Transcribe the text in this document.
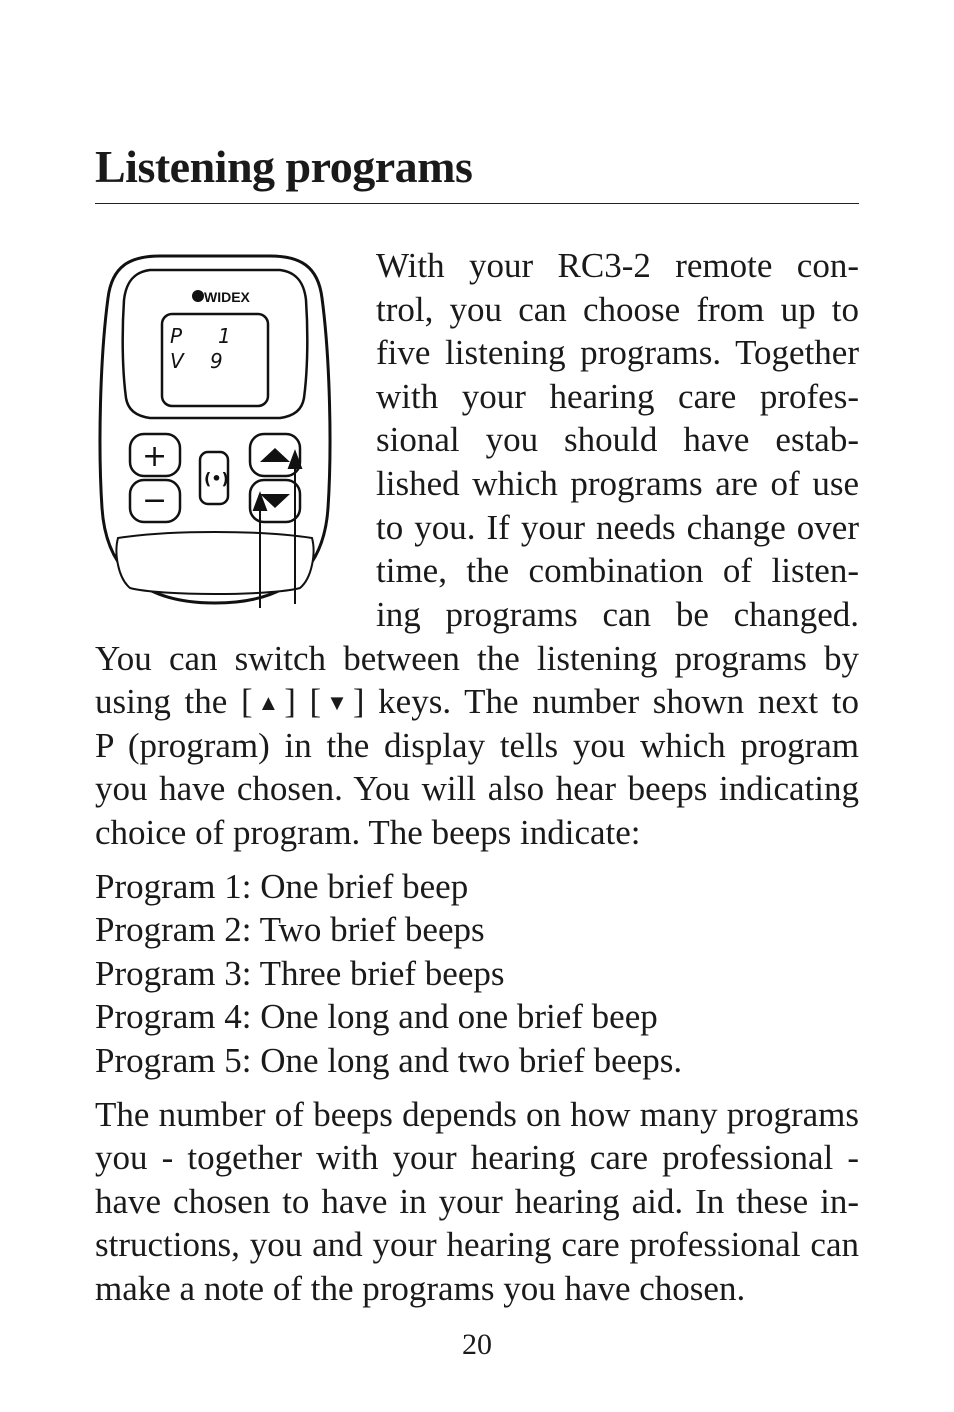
Listening programs
WIDEX
P 1
V 9
+
−
(•)
With your RC3-2 remote con-
trol, you can choose from up to
five listening programs. Together
with your hearing care profes-
sional you should have estab-
lished which programs are of use
to you. If your needs change over
time, the combination of listen-
ing programs can be changed.
You can switch between the listening programs by
using the [▲] [▼] keys. The number shown next to
P (program) in the display tells you which program
you have chosen. You will also hear beeps indicating
choice of program. The beeps indicate:
Program 1: One brief beep
Program 2: Two brief beeps
Program 3: Three brief beeps
Program 4: One long and one brief beep
Program 5: One long and two brief beeps.
The number of beeps depends on how many programs
you - together with your hearing care professional -
have chosen to have in your hearing aid. In these in-
structions, you and your hearing care professional can
make a note of the programs you have chosen.
20
